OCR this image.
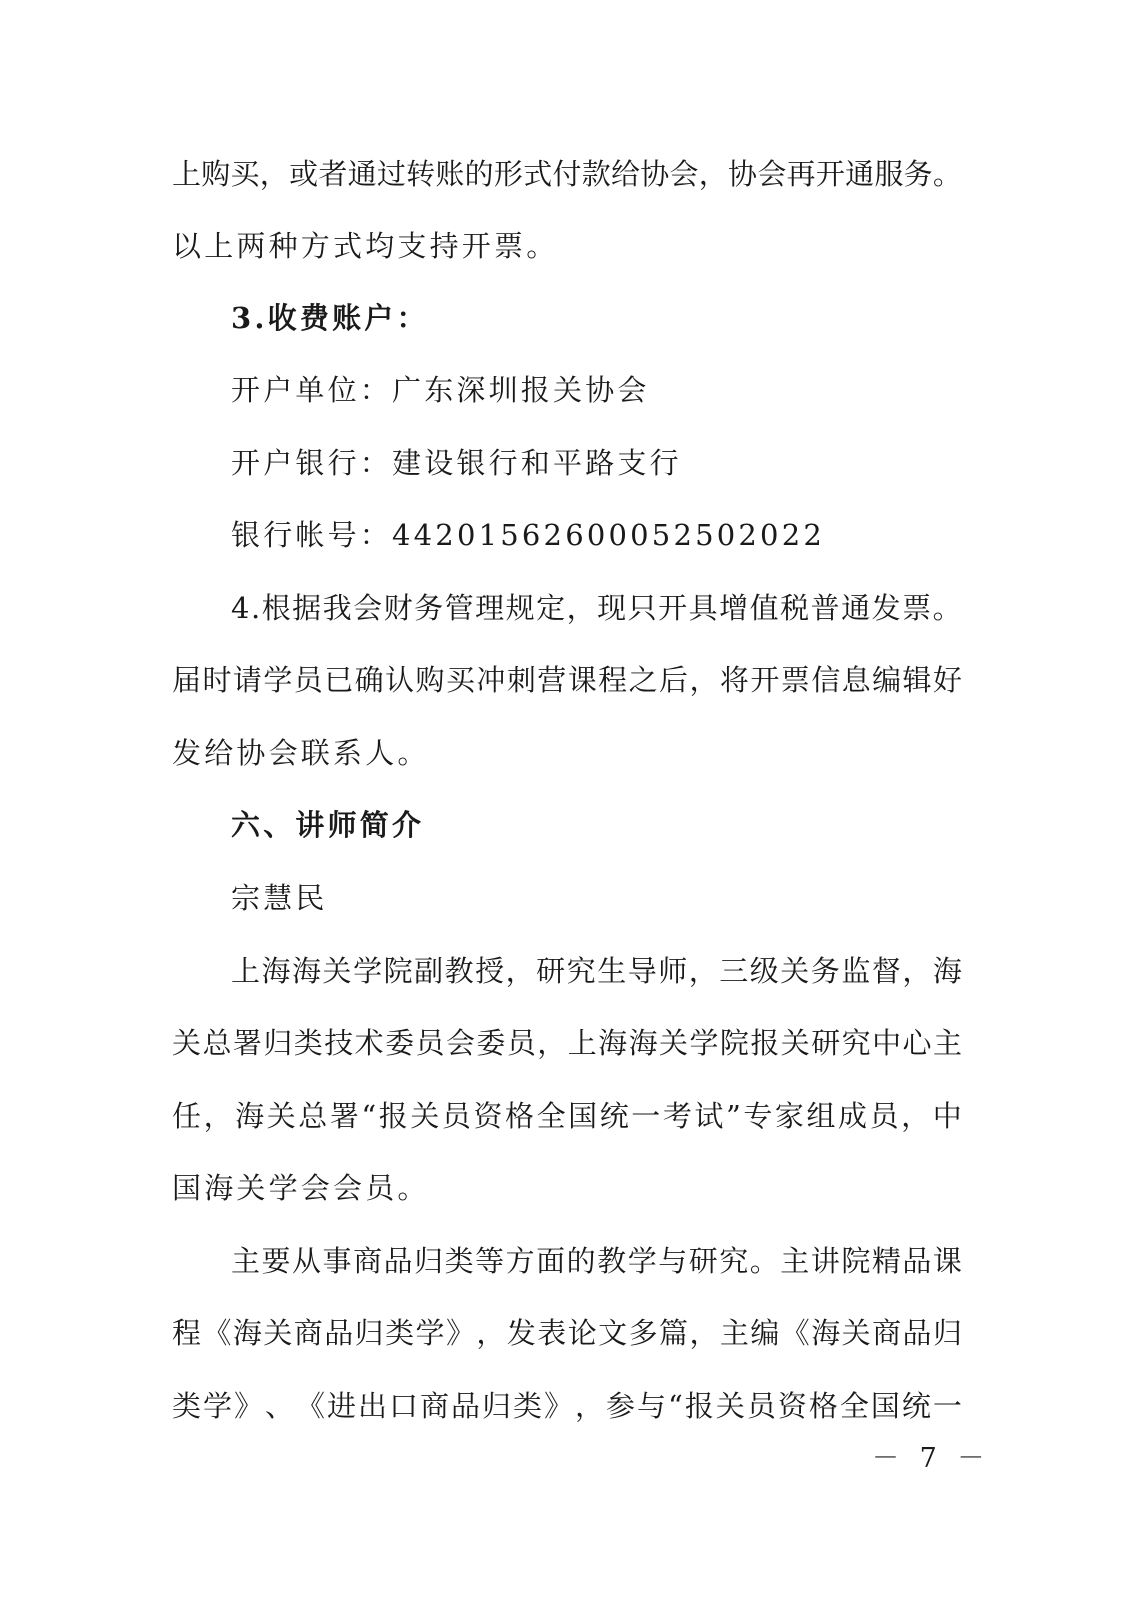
上 购 买 ， 或 者 通 过 转 账 的 形 式 付 款 给 协 会 ， 协 会 再 开 通 服 务 。
以上两种方式均支持开票。
3.收费账户：
开户单位：广东深圳报关协会
开户银行：建设银行和平路支行
银行帐号：44201562600052502022
4 . 根 据 我 会 财 务 管 理 规 定 ， 现 只 开 具 增 值 税 普 通 发 票 。
届 时 请 学 员 已 确 认 购 买 冲 刺 营 课 程 之 后 ， 将 开 票 信 息 编 辑 好
发给协会联系人。
六、讲师简介
宗慧民
上 海 海 关 学 院 副 教 授 ， 研 究 生 导 师 ， 三 级 关 务 监 督 ， 海
关 总 署 归 类 技 术 委 员 会 委 员 ， 上 海 海 关 学 院 报 关 研 究 中 心 主
任 ， 海 关 总 署 “ 报 关 员 资 格 全 国 统 一 考 试 ” 专 家 组 成 员 ， 中
国海关学会会员。
主 要 从 事 商 品 归 类 等 方 面 的 教 学 与 研 究 。 主 讲 院 精 品 课
程 《 海 关 商 品 归 类 学 》 ， 发 表 论 文 多 篇 ， 主 编 《 海 关 商 品 归
类 学 》 、 《 进 出 口 商 品 归 类 》 ， 参 与 “ 报 关 员 资 格 全 国 统 一
－ 7 －
